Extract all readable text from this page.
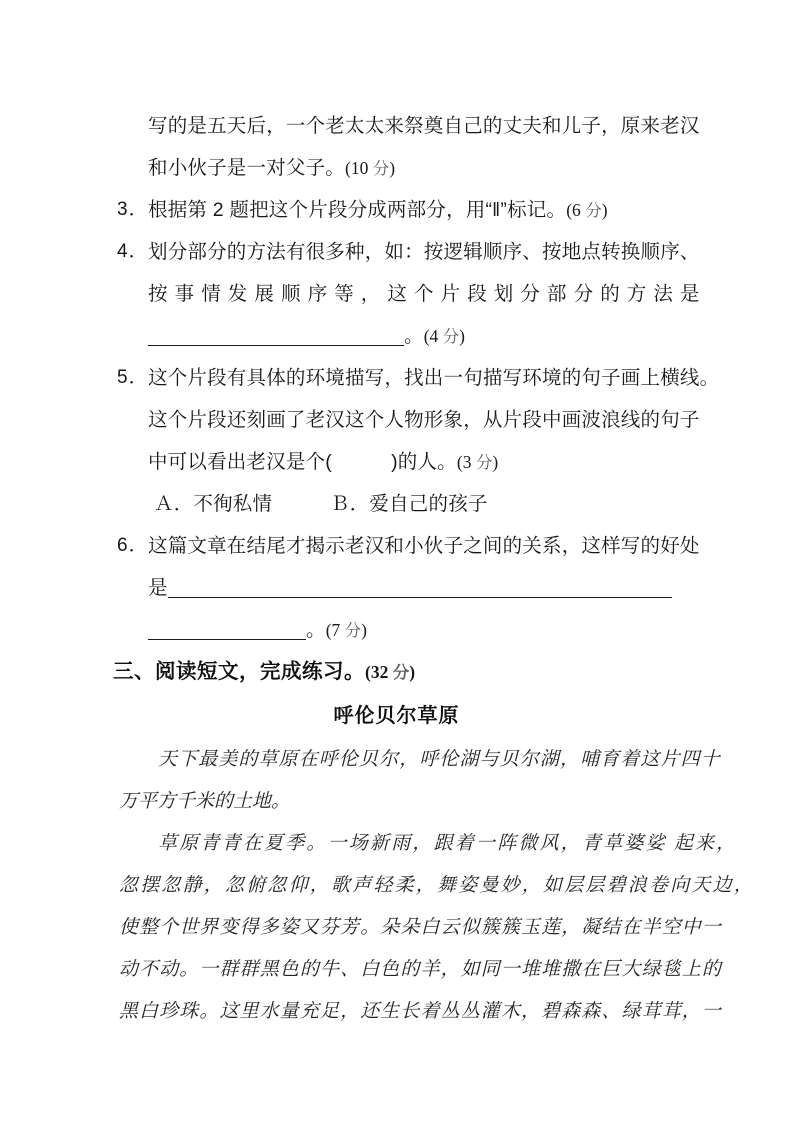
写的是五天后，一个老太太来祭奠自己的丈夫和儿子，原来老汉
和小伙子是一对父子。(10 分)
3． 根据第 2 题把这个片段分成两部分，用“‖”标记。(6 分)
4． 划分部分的方法有很多种，如：按逻辑顺序、按地点转换顺序、
按事情发展顺序等，这个片段划分部分的方法是
。(4 分)
5． 这个片段有具体的环境描写，找出一句描写环境的句子画上横线。
这个片段还刻画了老汉这个人物形象，从片段中画波浪线的句子
中可以看出老汉是个(　　　)的人。(3 分)
Ａ．不徇私情	Ｂ．爱自己的孩子
6． 这篇文章在结尾才揭示老汉和小伙子之间的关系，这样写的好处
是
。(7 分)
三、阅读短文，完成练习。(32 分)
呼伦贝尔草原
天下最美的草原在呼伦贝尔，呼伦湖与贝尔湖，哺育着这片四十
万平方千米的土地。
草原青青在夏季。一场新雨，跟着一阵微风，青草婆娑 起来，
忽摆忽静，忽俯忽仰，歌声轻柔，舞姿曼妙，如层层碧浪卷向天边，
使整个世界变得多姿又芬芳。朵朵白云似簇簇玉莲，凝结在半空中一
动不动。一群群黑色的牛、白色的羊，如同一堆堆撒在巨大绿毯上的
黑白珍珠。这里水量充足，还生长着丛丛灌木，碧森森、绿茸茸，一
